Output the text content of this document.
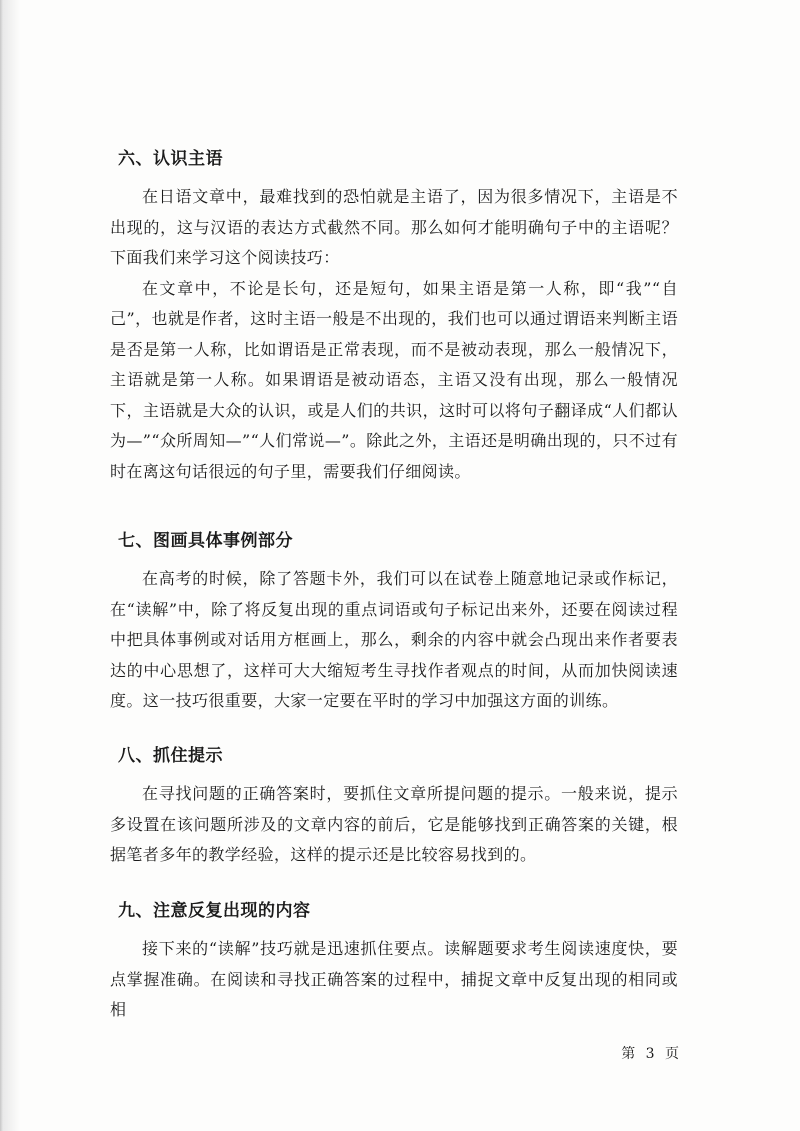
六、认识主语

在日语文章中，最难找到的恐怕就是主语了，因为很多情况下，主语是不出现的，这与汉语的表达方式截然不同。那么如何才能明确句子中的主语呢？下面我们来学习这个阅读技巧：

在文章中，不论是长句，还是短句，如果主语是第一人称，即“我”“自己”，也就是作者，这时主语一般是不出现的，我们也可以通过谓语来判断主语是否是第一人称，比如谓语是正常表现，而不是被动表现，那么一般情况下，主语就是第一人称。如果谓语是被动语态，主语又没有出现，那么一般情况下，主语就是大众的认识，或是人们的共识，这时可以将句子翻译成“人们都认为—”“众所周知—”“人们常说—”。除此之外，主语还是明确出现的，只不过有时在离这句话很远的句子里，需要我们仔细阅读。

七、图画具体事例部分

在高考的时候，除了答题卡外，我们可以在试卷上随意地记录或作标记，在“读解”中，除了将反复出现的重点词语或句子标记出来外，还要在阅读过程中把具体事例或对话用方框画上，那么，剩余的内容中就会凸现出来作者要表达的中心思想了，这样可大大缩短考生寻找作者观点的时间，从而加快阅读速度。这一技巧很重要，大家一定要在平时的学习中加强这方面的训练。

八、抓住提示

在寻找问题的正确答案时，要抓住文章所提问题的提示。一般来说，提示多设置在该问题所涉及的文章内容的前后，它是能够找到正确答案的关键，根据笔者多年的教学经验，这样的提示还是比较容易找到的。

九、注意反复出现的内容

接下来的“读解”技巧就是迅速抓住要点。读解题要求考生阅读速度快，要点掌握准确。在阅读和寻找正确答案的过程中，捕捉文章中反复出现的相同或相

第 3 页
